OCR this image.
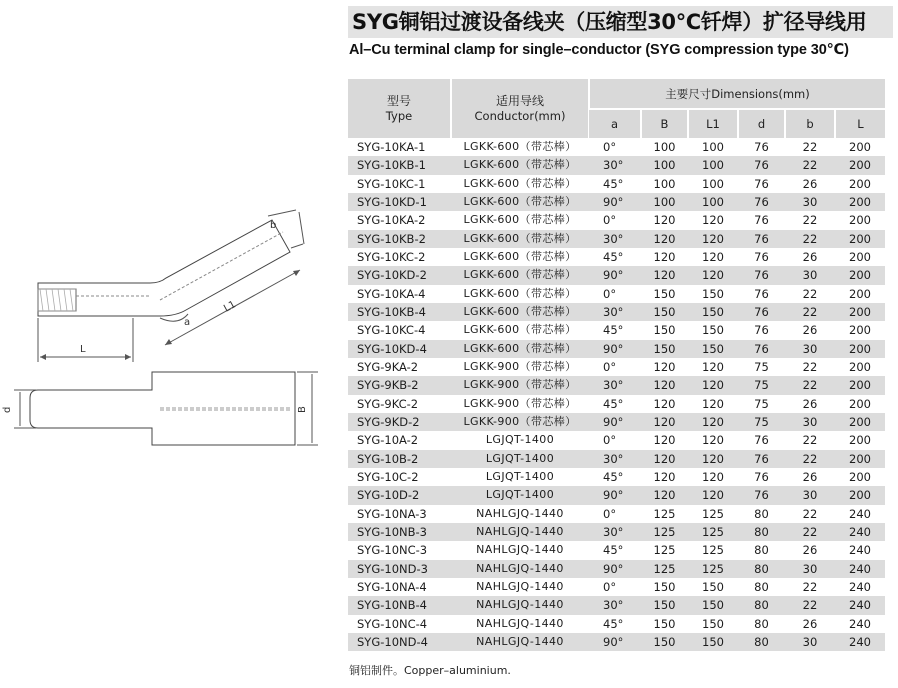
SYG铜铝过渡设备线夹（压缩型30℃钎焊）扩径导线用
Al–Cu terminal clamp for single–conductor (SYG compression type 30℃)
b
L1
a
L
d	B
型号
Type	适用导线
Conductor(mm)	主要尺寸Dimensions(mm)					
		a	B	L1	d	b	L
SYG-10KA-1	LGKK-600（带芯棒）	0°	100	100	76	22	200
SYG-10KB-1	LGKK-600（带芯棒）	30°	100	100	76	22	200
SYG-10KC-1	LGKK-600（带芯棒）	45°	100	100	76	26	200
SYG-10KD-1	LGKK-600（带芯棒）	90°	100	100	76	30	200
SYG-10KA-2	LGKK-600（带芯棒）	0°	120	120	76	22	200
SYG-10KB-2	LGKK-600（带芯棒）	30°	120	120	76	22	200
SYG-10KC-2	LGKK-600（带芯棒）	45°	120	120	76	26	200
SYG-10KD-2	LGKK-600（带芯棒）	90°	120	120	76	30	200
SYG-10KA-4	LGKK-600（带芯棒）	0°	150	150	76	22	200
SYG-10KB-4	LGKK-600（带芯棒）	30°	150	150	76	22	200
SYG-10KC-4	LGKK-600（带芯棒）	45°	150	150	76	26	200
SYG-10KD-4	LGKK-600（带芯棒）	90°	150	150	76	30	200
SYG-9KA-2	LGKK-900（带芯棒）	0°	120	120	75	22	200
SYG-9KB-2	LGKK-900（带芯棒）	30°	120	120	75	22	200
SYG-9KC-2	LGKK-900（带芯棒）	45°	120	120	75	26	200
SYG-9KD-2	LGKK-900（带芯棒）	90°	120	120	75	30	200
SYG-10A-2	LGJQT-1400	0°	120	120	76	22	200
SYG-10B-2	LGJQT-1400	30°	120	120	76	22	200
SYG-10C-2	LGJQT-1400	45°	120	120	76	26	200
SYG-10D-2	LGJQT-1400	90°	120	120	76	30	200
SYG-10NA-3	NAHLGJQ-1440	0°	125	125	80	22	240
SYG-10NB-3	NAHLGJQ-1440	30°	125	125	80	22	240
SYG-10NC-3	NAHLGJQ-1440	45°	125	125	80	26	240
SYG-10ND-3	NAHLGJQ-1440	90°	125	125	80	30	240
SYG-10NA-4	NAHLGJQ-1440	0°	150	150	80	22	240
SYG-10NB-4	NAHLGJQ-1440	30°	150	150	80	22	240
SYG-10NC-4	NAHLGJQ-1440	45°	150	150	80	26	240
SYG-10ND-4	NAHLGJQ-1440	90°	150	150	80	30	240
铜铝制件。Copper–aluminium.
